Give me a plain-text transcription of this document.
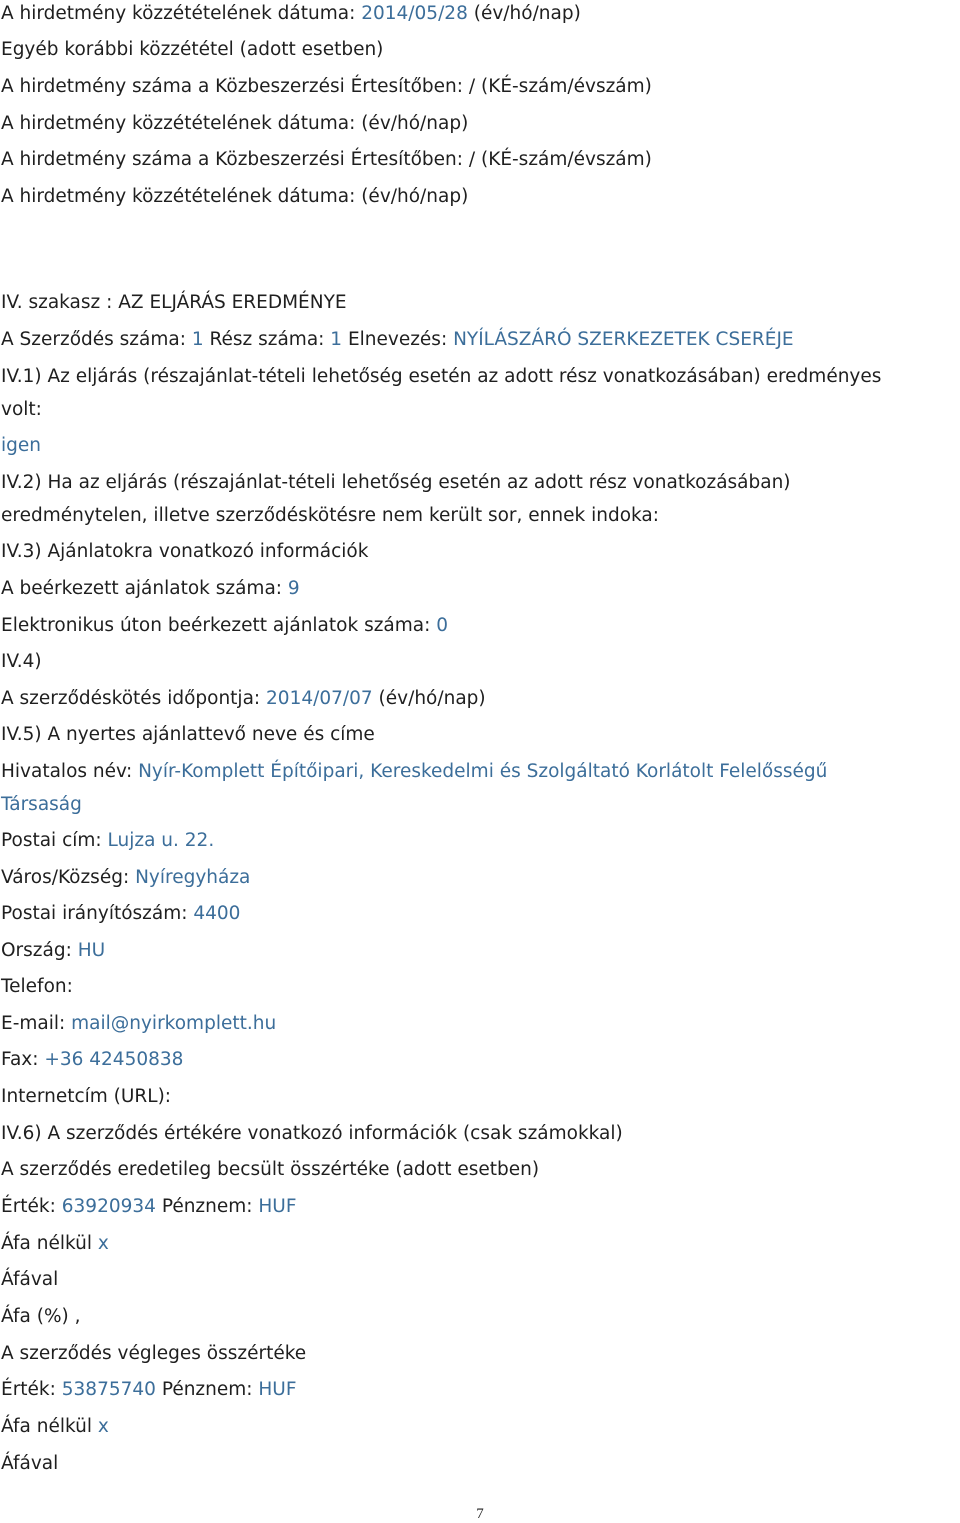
A hirdetmény közzétételének dátuma: 2014/05/28 (év/hó/nap)
Egyéb korábbi közzététel (adott esetben)
A hirdetmény száma a Közbeszerzési Értesítőben: / (KÉ-szám/évszám)
A hirdetmény közzétételének dátuma: (év/hó/nap)
A hirdetmény száma a Közbeszerzési Értesítőben: / (KÉ-szám/évszám)
A hirdetmény közzétételének dátuma: (év/hó/nap)
IV. szakasz : AZ ELJÁRÁS EREDMÉNYE
A Szerződés száma: 1 Rész száma: 1 Elnevezés: NYÍLÁSZÁRÓ SZERKEZETEK CSERÉJE
IV.1) Az eljárás (részajánlat-tételi lehetőség esetén az adott rész vonatkozásában) eredményes
volt:
igen
IV.2) Ha az eljárás (részajánlat-tételi lehetőség esetén az adott rész vonatkozásában)
eredménytelen, illetve szerződéskötésre nem került sor, ennek indoka:
IV.3) Ajánlatokra vonatkozó információk
A beérkezett ajánlatok száma: 9
Elektronikus úton beérkezett ajánlatok száma: 0
IV.4)
A szerződéskötés időpontja: 2014/07/07 (év/hó/nap)
IV.5) A nyertes ajánlattevő neve és címe
Hivatalos név: Nyír-Komplett Építőipari, Kereskedelmi és Szolgáltató Korlátolt Felelősségű
Társaság
Postai cím: Lujza u. 22.
Város/Község: Nyíregyháza
Postai irányítószám: 4400
Ország: HU
Telefon:
E-mail: mail@nyirkomplett.hu
Fax: +36 42450838
Internetcím (URL):
IV.6) A szerződés értékére vonatkozó információk (csak számokkal)
A szerződés eredetileg becsült összértéke (adott esetben)
Érték: 63920934 Pénznem: HUF
Áfa nélkül x
Áfával
Áfa (%) ,
A szerződés végleges összértéke
Érték: 53875740 Pénznem: HUF
Áfa nélkül x
Áfával
7
